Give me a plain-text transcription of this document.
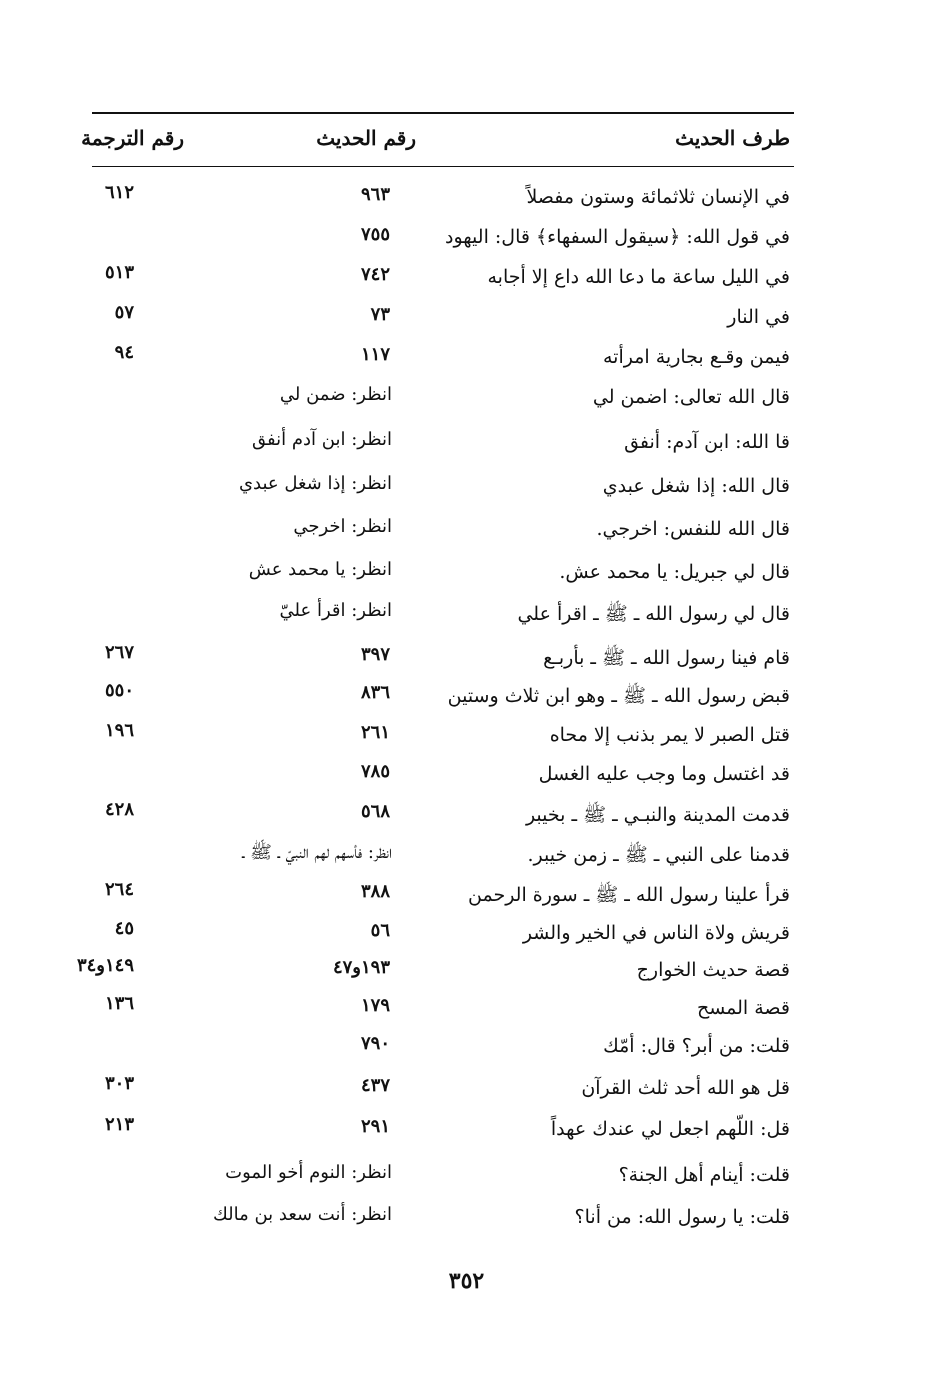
طرف الحديث
رقم الحديث
رقم الترجمة
في الإنسان ثلاثمائة وستون مفصلاً
٩٦٣
٦١٢
في قول الله: ﴿سيقول السفهاء﴾ قال: اليهود
٧٥٥
في الليل ساعة ما دعا الله داع إلا أجابه
٧٤٢
٥١٣
في النار
٧٣
٥٧
فيمن وقـع بجارية امرأته
١١٧
٩٤
قال الله تعالى: اضمن لي
انظر: ضمن لي
قا الله: ابن آدم: أنفق
انظر: ابن آدم أنفق
قال الله: إذا شغل عبدي
انظر: إذا شغل عبدي
قال الله للنفس: اخرجي.
انظر: اخرجي
قال لي جبريل: يا محمد عش.
انظر: يا محمد عش
قال لي رسول الله ـ ﷺ ـ اقرأ علي
انظر: اقرأ عليّ
قام فينا رسول الله ـ ﷺ ـ بأربـع
٣٩٧
٢٦٧
قبض رسول الله ـ ﷺ ـ وهو ابن ثلاث وستين
٨٣٦
٥٥٠
قتل الصبر لا يمر بذنب إلا محاه
٢٦١
١٩٦
قد اغتسل وما وجب عليه الغسل
٧٨٥
قدمت المدينة والنبـي ـ ﷺ ـ بخيبر
٥٦٨
٤٢٨
قدمنا على النبي ـ ﷺ ـ زمن خيبر.
انظر: فأسهم لهم النبيّ ـ ﷺ ـ
قرأ علينا رسول الله ـ ﷺ ـ سورة الرحمن
٣٨٨
٢٦٤
قريش ولاة الناس في الخير والشر
٥٦
٤٥
قصة حديث الخوارج
١٩٣و٤٧
١٤٩و٣٤
قصة المسح
١٧٩
١٣٦
قلت: من أبر؟ قال: أمّك
٧٩٠
قل هو الله أحد ثلث القرآن
٤٣٧
٣٠٣
قل: اللّهم اجعل لي عندك عهداً
٢٩١
٢١٣
قلت: أينام أهل الجنة؟
انظر: النوم أخو الموت
قلت: يا رسول الله: من أنا؟
انظر: أنت سعد بن مالك
٣٥٢
